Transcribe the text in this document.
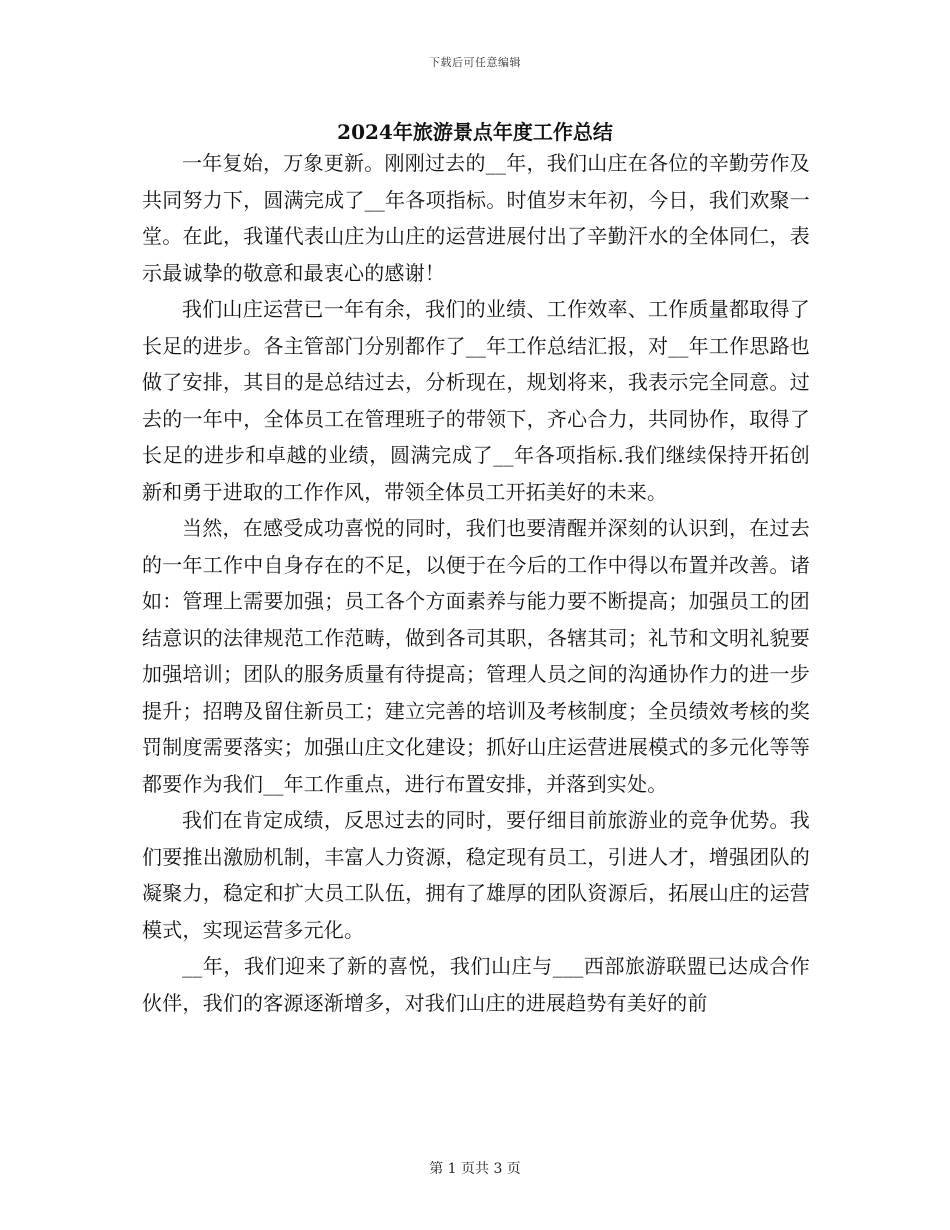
下载后可任意编辑
2024年旅游景点年度工作总结

一年复始，万象更新。刚刚过去的__年，我们山庄在各位的辛勤劳作及共同努力下，圆满完成了__年各项指标。时值岁末年初，今日，我们欢聚一堂。在此，我谨代表山庄为山庄的运营进展付出了辛勤汗水的全体同仁，表示最诚挚的敬意和最衷心的感谢！

我们山庄运营已一年有余，我们的业绩、工作效率、工作质量都取得了长足的进步。各主管部门分别都作了__年工作总结汇报，对__年工作思路也做了安排，其目的是总结过去，分析现在，规划将来，我表示完全同意。过去的一年中，全体员工在管理班子的带领下，齐心合力，共同协作，取得了长足的进步和卓越的业绩，圆满完成了__年各项指标.我们继续保持开拓创新和勇于进取的工作作风，带领全体员工开拓美好的未来。

当然，在感受成功喜悦的同时，我们也要清醒并深刻的认识到，在过去的一年工作中自身存在的不足，以便于在今后的工作中得以布置并改善。诸如：管理上需要加强；员工各个方面素养与能力要不断提高；加强员工的团结意识的法律规范工作范畴，做到各司其职，各辖其司；礼节和文明礼貌要加强培训；团队的服务质量有待提高；管理人员之间的沟通协作力的进一步提升；招聘及留住新员工；建立完善的培训及考核制度；全员绩效考核的奖罚制度需要落实；加强山庄文化建设；抓好山庄运营进展模式的多元化等等都要作为我们__年工作重点，进行布置安排，并落到实处。

我们在肯定成绩，反思过去的同时，要仔细目前旅游业的竞争优势。我们要推出激励机制，丰富人力资源，稳定现有员工，引进人才，增强团队的凝聚力，稳定和扩大员工队伍，拥有了雄厚的团队资源后，拓展山庄的运营模式，实现运营多元化。

__年，我们迎来了新的喜悦，我们山庄与___西部旅游联盟已达成合作伙伴，我们的客源逐渐增多，对我们山庄的进展趋势有美好的前

第 1 页共 3 页
